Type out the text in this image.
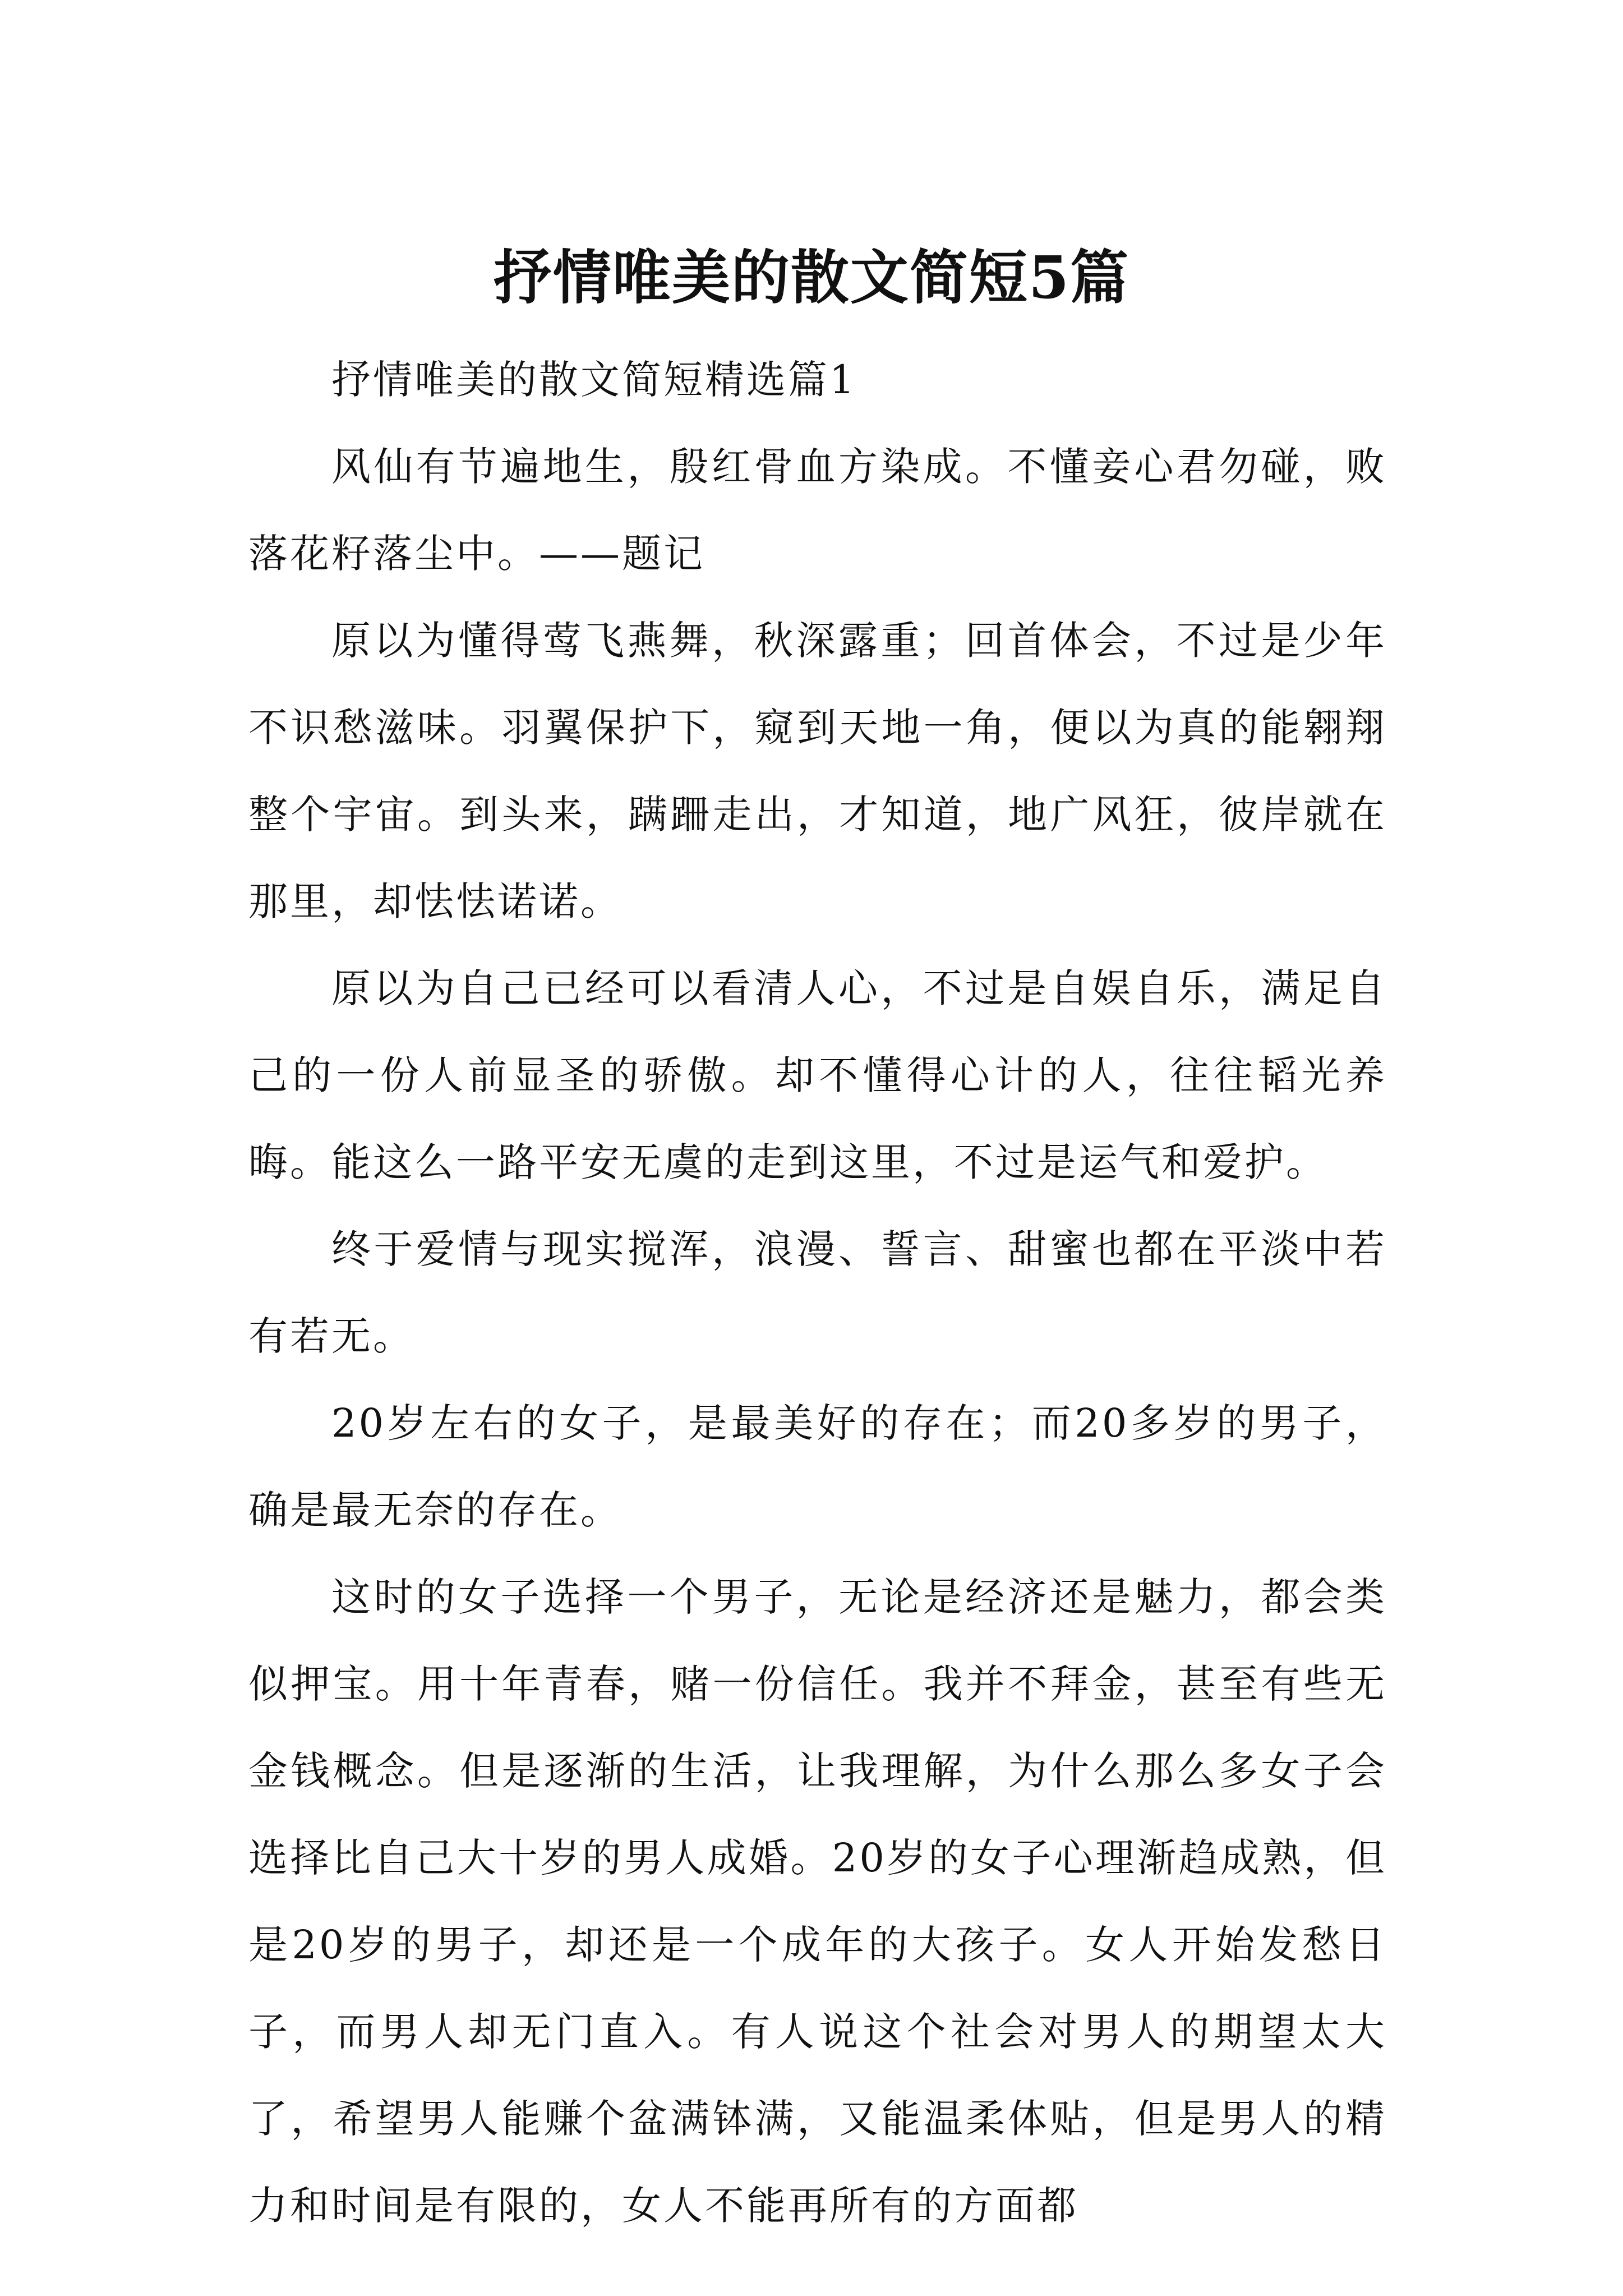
抒情唯美的散文简短5篇

抒情唯美的散文简短精选篇1

风仙有节遍地生，殷红骨血方染成。不懂妾心君勿碰，败落花籽落尘中。——题记

原以为懂得莺飞燕舞，秋深露重；回首体会，不过是少年不识愁滋味。羽翼保护下，窥到天地一角，便以为真的能翱翔整个宇宙。到头来，蹒跚走出，才知道，地广风狂，彼岸就在那里，却怯怯诺诺。

原以为自己已经可以看清人心，不过是自娱自乐，满足自己的一份人前显圣的骄傲。却不懂得心计的人，往往韬光养晦。能这么一路平安无虞的走到这里，不过是运气和爱护。

终于爱情与现实搅浑，浪漫、誓言、甜蜜也都在平淡中若有若无。

20岁左右的女子，是最美好的存在；而20多岁的男子，确是最无奈的存在。

这时的女子选择一个男子，无论是经济还是魅力，都会类似押宝。用十年青春，赌一份信任。我并不拜金，甚至有些无金钱概念。但是逐渐的生活，让我理解，为什么那么多女子会选择比自己大十岁的男人成婚。20岁的女子心理渐趋成熟，但是20岁的男子，却还是一个成年的大孩子。女人开始发愁日子，而男人却无门直入。有人说这个社会对男人的期望太大了，希望男人能赚个盆满钵满，又能温柔体贴，但是男人的精力和时间是有限的，女人不能再所有的方面都
